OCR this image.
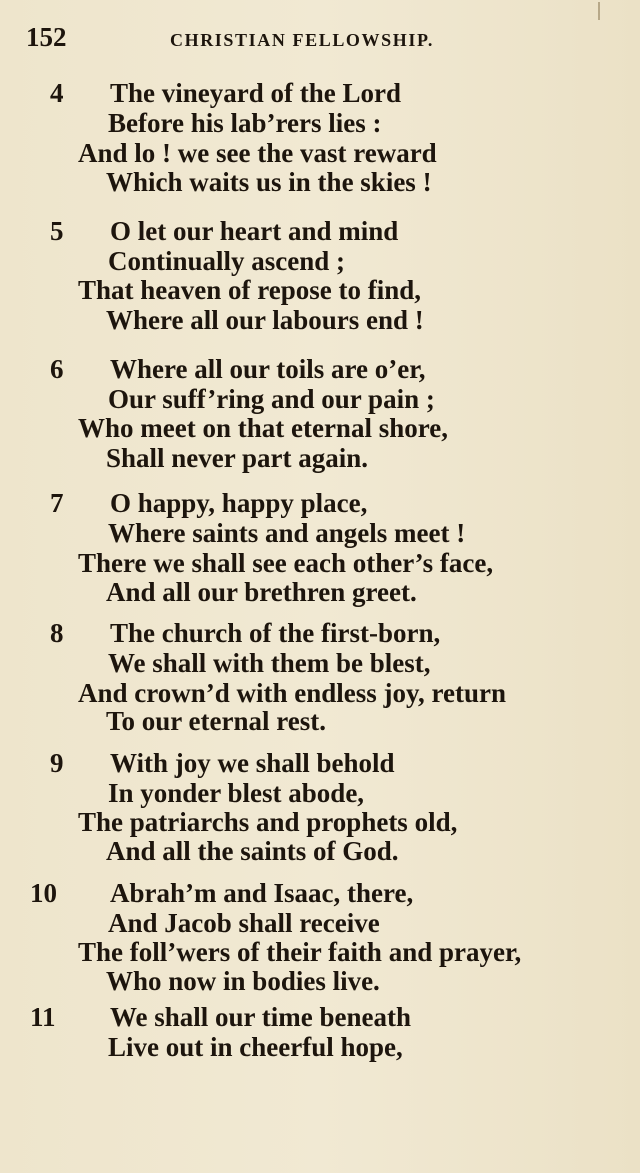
152	CHRISTIAN FELLOWSHIP.
4 The vineyard of the Lord
Before his lab’rers lies :
And lo ! we see the vast reward
Which waits us in the skies !
5 O let our heart and mind
Continually ascend ;
That heaven of repose to find,
Where all our labours end !
6 Where all our toils are o’er,
Our suff’ring and our pain ;
Who meet on that eternal shore,
Shall never part again.
7 O happy, happy place,
Where saints and angels meet !
There we shall see each other’s face,
And all our brethren greet.
8 The church of the first-born,
We shall with them be blest,
And crown’d with endless joy, return
To our eternal rest.
9 With joy we shall behold
In yonder blest abode,
The patriarchs and prophets old,
And all the saints of God.
10 Abrah’m and Isaac, there,
And Jacob shall receive
The foll’wers of their faith and prayer,
Who now in bodies live.
11 We shall our time beneath
Live out in cheerful hope,
